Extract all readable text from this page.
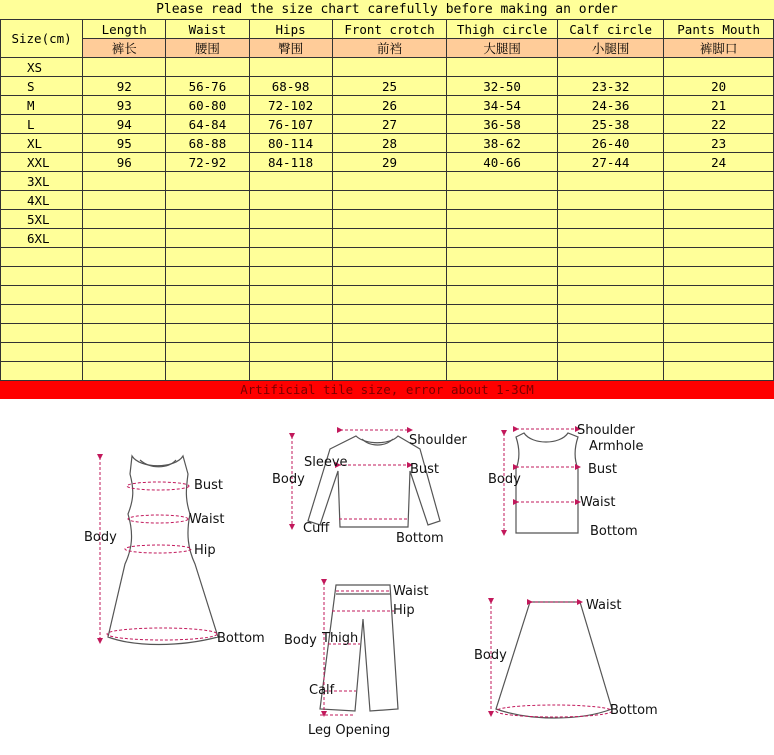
Please read the size chart carefully before making an order
Size(cm)	Length	Waist	Hips	Front crotch	Thigh circle	Calf circle	Pants Mouth
	裤长	腰围	臀围	前裆	大腿围	小腿围	裤脚口
XS							
S	92	56-76	68-98	25	32-50	23-32	20
M	93	60-80	72-102	26	34-54	24-36	21
L	94	64-84	76-107	27	36-58	25-38	22
XL	95	68-88	80-114	28	38-62	26-40	23
XXL	96	72-92	84-118	29	40-66	27-44	24
3XL							
4XL							
5XL							
6XL							

Artificial tile size, error about 1-3CM
Bust
Waist
Hip
Body
Bottom
Shoulder
Sleeve
Body
Bust
Cuff
Bottom
Shoulder
Armhole
Body
Bust
Waist
Bottom
Waist
Hip
Body Thigh
Calf
Leg Opening
Waist
Body
Bottom
